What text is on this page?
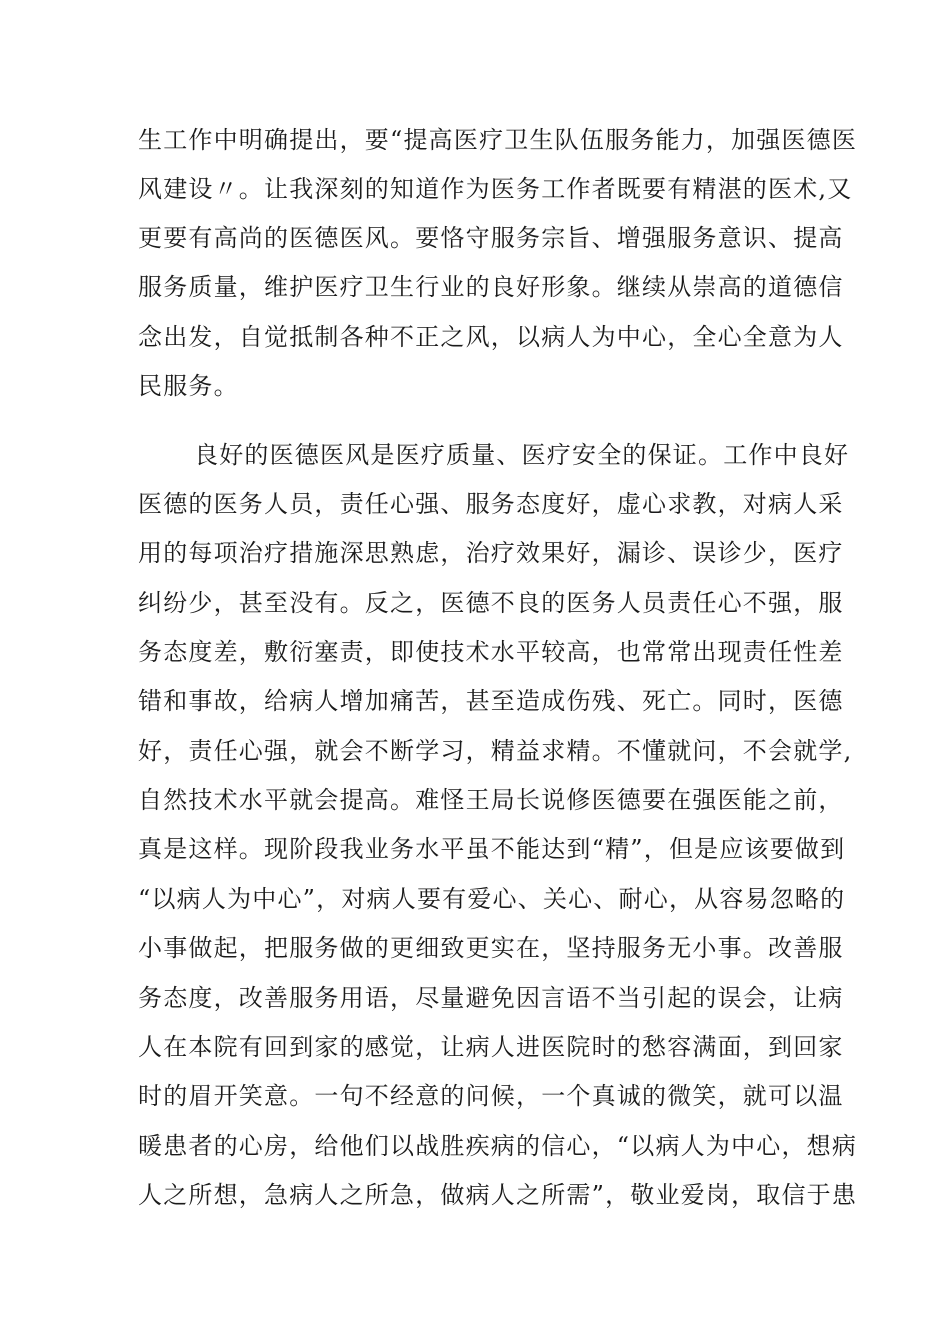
生工作中明确提出，要“提高医疗卫生队伍服务能力，加强医德医
风建设〃。让我深刻的知道作为医务工作者既要有精湛的医术,又
更要有高尚的医德医风。要恪守服务宗旨、增强服务意识、提高
服务质量，维护医疗卫生行业的良好形象。继续从崇高的道德信
念出发，自觉抵制各种不正之风，以病人为中心，全心全意为人
民服务。
良好的医德医风是医疗质量、医疗安全的保证。工作中良好
医德的医务人员，责任心强、服务态度好，虚心求教，对病人采
用的每项治疗措施深思熟虑，治疗效果好，漏诊、误诊少，医疗
纠纷少，甚至没有。反之，医德不良的医务人员责任心不强，服
务态度差，敷衍塞责，即使技术水平较高，也常常出现责任性差
错和事故，给病人增加痛苦，甚至造成伤残、死亡。同时，医德
好，责任心强，就会不断学习，精益求精。不懂就问，不会就学,
自然技术水平就会提高。难怪王局长说修医德要在强医能之前，
真是这样。现阶段我业务水平虽不能达到“精”，但是应该要做到
“以病人为中心”，对病人要有爱心、关心、耐心，从容易忽略的
小事做起，把服务做的更细致更实在，坚持服务无小事。改善服
务态度，改善服务用语，尽量避免因言语不当引起的误会，让病
人在本院有回到家的感觉，让病人进医院时的愁容满面，到回家
时的眉开笑意。一句不经意的问候，一个真诚的微笑，就可以温
暖患者的心房，给他们以战胜疾病的信心，“以病人为中心，想病
人之所想，急病人之所急，做病人之所需”，敬业爱岗，取信于患
